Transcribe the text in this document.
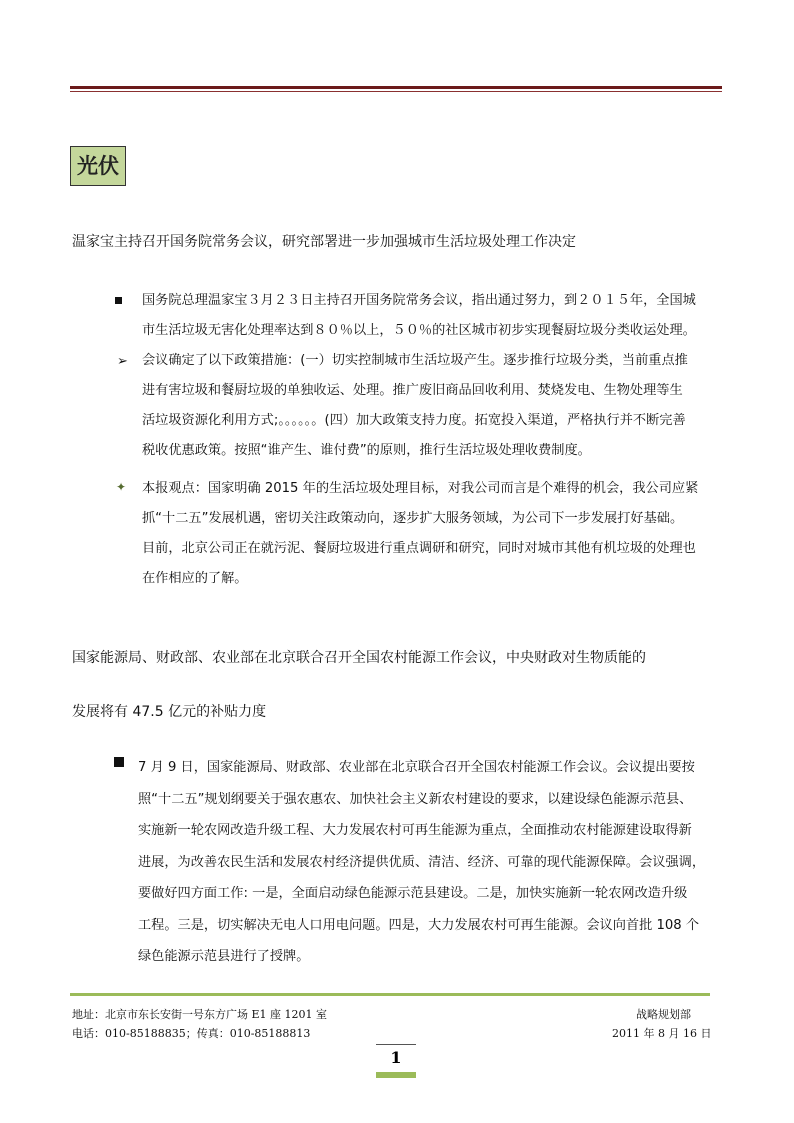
光伏
温家宝主持召开国务院常务会议，研究部署进一步加强城市生活垃圾处理工作决定

国务院总理温家宝３月２３日主持召开国务院常务会议，指出通过努力，到２０１５年，全国城

市生活垃圾无害化处理率达到８０％以上，５０％的社区城市初步实现餐厨垃圾分类收运处理。

➢ 会议确定了以下政策措施：(一）切实控制城市生活垃圾产生。逐步推行垃圾分类，当前重点推

进有害垃圾和餐厨垃圾的单独收运、处理。推广废旧商品回收利用、焚烧发电、生物处理等生

活垃圾资源化利用方式;。。。。。。(四）加大政策支持力度。拓宽投入渠道，严格执行并不断完善

税收优惠政策。按照“谁产生、谁付费”的原则，推行生活垃圾处理收费制度。

✦ 本报观点：国家明确 2015 年的生活垃圾处理目标，对我公司而言是个难得的机会，我公司应紧

抓“十二五”发展机遇，密切关注政策动向，逐步扩大服务领域，为公司下一步发展打好基础。

目前，北京公司正在就污泥、餐厨垃圾进行重点调研和研究，同时对城市其他有机垃圾的处理也

在作相应的了解。

国家能源局、财政部、农业部在北京联合召开全国农村能源工作会议，中央财政对生物质能的
发展将有 47.5 亿元的补贴力度

7 月 9 日，国家能源局、财政部、农业部在北京联合召开全国农村能源工作会议。会议提出要按

照“十二五”规划纲要关于强农惠农、加快社会主义新农村建设的要求，以建设绿色能源示范县、

实施新一轮农网改造升级工程、大力发展农村可再生能源为重点，全面推动农村能源建设取得新

进展，为改善农民生活和发展农村经济提供优质、清洁、经济、可靠的现代能源保障。会议强调，

要做好四方面工作: 一是，全面启动绿色能源示范县建设。二是，加快实施新一轮农网改造升级

工程。三是，切实解决无电人口用电问题。四是，大力发展农村可再生能源。会议向首批 108 个

绿色能源示范县进行了授牌。

地址：北京市东长安街一号东方广场 E1 座 1201 室	战略规划部
电话：010-85188835；传真：010-85188813	2011 年 8 月 16 日
1
